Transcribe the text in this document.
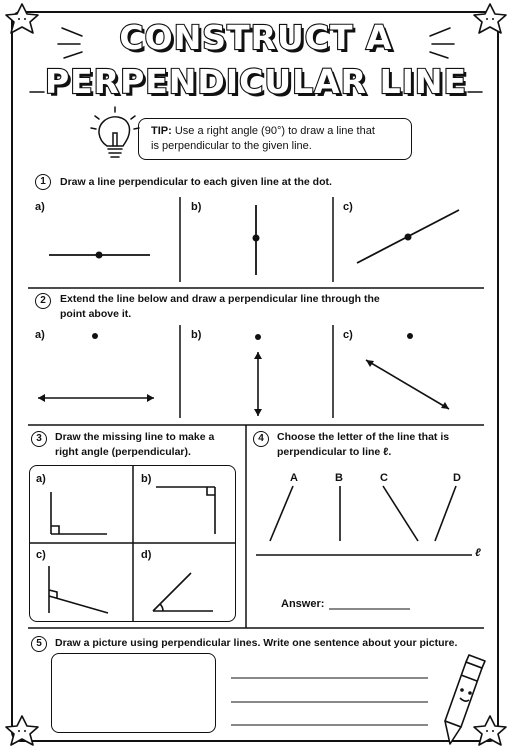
CONSTRUCT A
PERPENDICULAR LINE
TIP: Use a right angle (90°) to draw a line that
is perpendicular to the given line.
1	Draw a line perpendicular to each given line at the dot.
a)	b)	c)
2	Extend the line below and draw a perpendicular line through the
point above it.
a)	b)	c)
3	Draw the missing line to make a
right angle (perpendicular).
a)	b)
c)	d)
4	Choose the letter of the line that is
perpendicular to line ℓ.
A	B	C	D
ℓ
Answer:
5	Draw a picture using perpendicular lines. Write one sentence about your picture.
